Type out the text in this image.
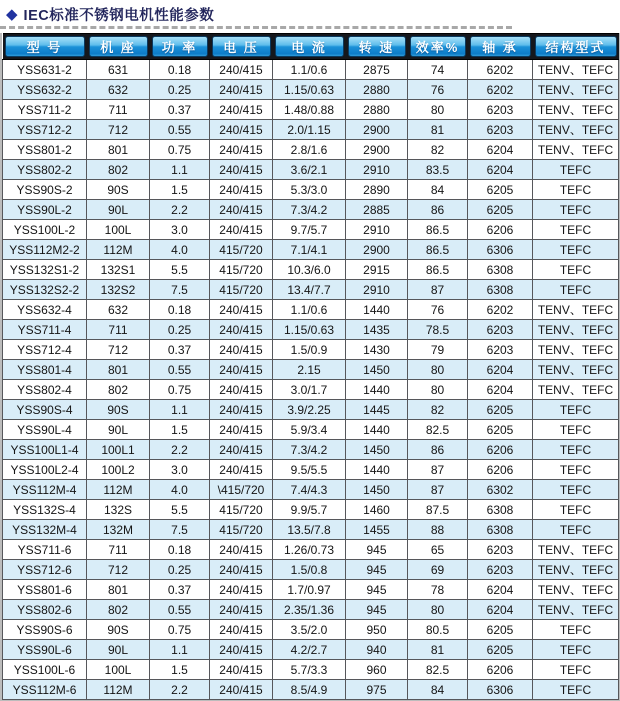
◆ IEC标准不锈钢电机性能参数
型 号	机 座	功 率	电 压	电 流	转 速	效率%	轴 承	结构型式

YSS631-2	631	0.18	240/415	1.1/0.6	2875	74	6202	TENV、TEFC
YSS632-2	632	0.25	240/415	1.15/0.63	2880	76	6202	TENV、TEFC
YSS711-2	711	0.37	240/415	1.48/0.88	2880	80	6203	TENV、TEFC
YSS712-2	712	0.55	240/415	2.0/1.15	2900	81	6203	TENV、TEFC
YSS801-2	801	0.75	240/415	2.8/1.6	2900	82	6204	TENV、TEFC
YSS802-2	802	1.1	240/415	3.6/2.1	2910	83.5	6204	TEFC
YSS90S-2	90S	1.5	240/415	5.3/3.0	2890	84	6205	TEFC
YSS90L-2	90L	2.2	240/415	7.3/4.2	2885	86	6205	TEFC
YSS100L-2	100L	3.0	240/415	9.7/5.7	2910	86.5	6206	TEFC
YSS112M2-2	112M	4.0	415/720	7.1/4.1	2900	86.5	6306	TEFC
YSS132S1-2	132S1	5.5	415/720	10.3/6.0	2915	86.5	6308	TEFC
YSS132S2-2	132S2	7.5	415/720	13.4/7.7	2910	87	6308	TEFC
YSS632-4	632	0.18	240/415	1.1/0.6	1440	76	6202	TENV、TEFC
YSS711-4	711	0.25	240/415	1.15/0.63	1435	78.5	6203	TENV、TEFC
YSS712-4	712	0.37	240/415	1.5/0.9	1430	79	6203	TENV、TEFC
YSS801-4	801	0.55	240/415	2.15	1450	80	6204	TENV、TEFC
YSS802-4	802	0.75	240/415	3.0/1.7	1440	80	6204	TENV、TEFC
YSS90S-4	90S	1.1	240/415	3.9/2.25	1445	82	6205	TEFC
YSS90L-4	90L	1.5	240/415	5.9/3.4	1440	82.5	6205	TEFC
YSS100L1-4	100L1	2.2	240/415	7.3/4.2	1450	86	6206	TEFC
YSS100L2-4	100L2	3.0	240/415	9.5/5.5	1440	87	6206	TEFC
YSS112M-4	112M	4.0	\415/720	7.4/4.3	1450	87	6302	TEFC
YSS132S-4	132S	5.5	415/720	9.9/5.7	1460	87.5	6308	TEFC
YSS132M-4	132M	7.5	415/720	13.5/7.8	1455	88	6308	TEFC
YSS711-6	711	0.18	240/415	1.26/0.73	945	65	6203	TENV、TEFC
YSS712-6	712	0.25	240/415	1.5/0.8	945	69	6203	TENV、TEFC
YSS801-6	801	0.37	240/415	1.7/0.97	945	78	6204	TENV、TEFC
YSS802-6	802	0.55	240/415	2.35/1.36	945	80	6204	TENV、TEFC
YSS90S-6	90S	0.75	240/415	3.5/2.0	950	80.5	6205	TEFC
YSS90L-6	90L	1.1	240/415	4.2/2.7	940	81	6205	TEFC
YSS100L-6	100L	1.5	240/415	5.7/3.3	960	82.5	6206	TEFC
YSS112M-6	112M	2.2	240/415	8.5/4.9	975	84	6306	TEFC
